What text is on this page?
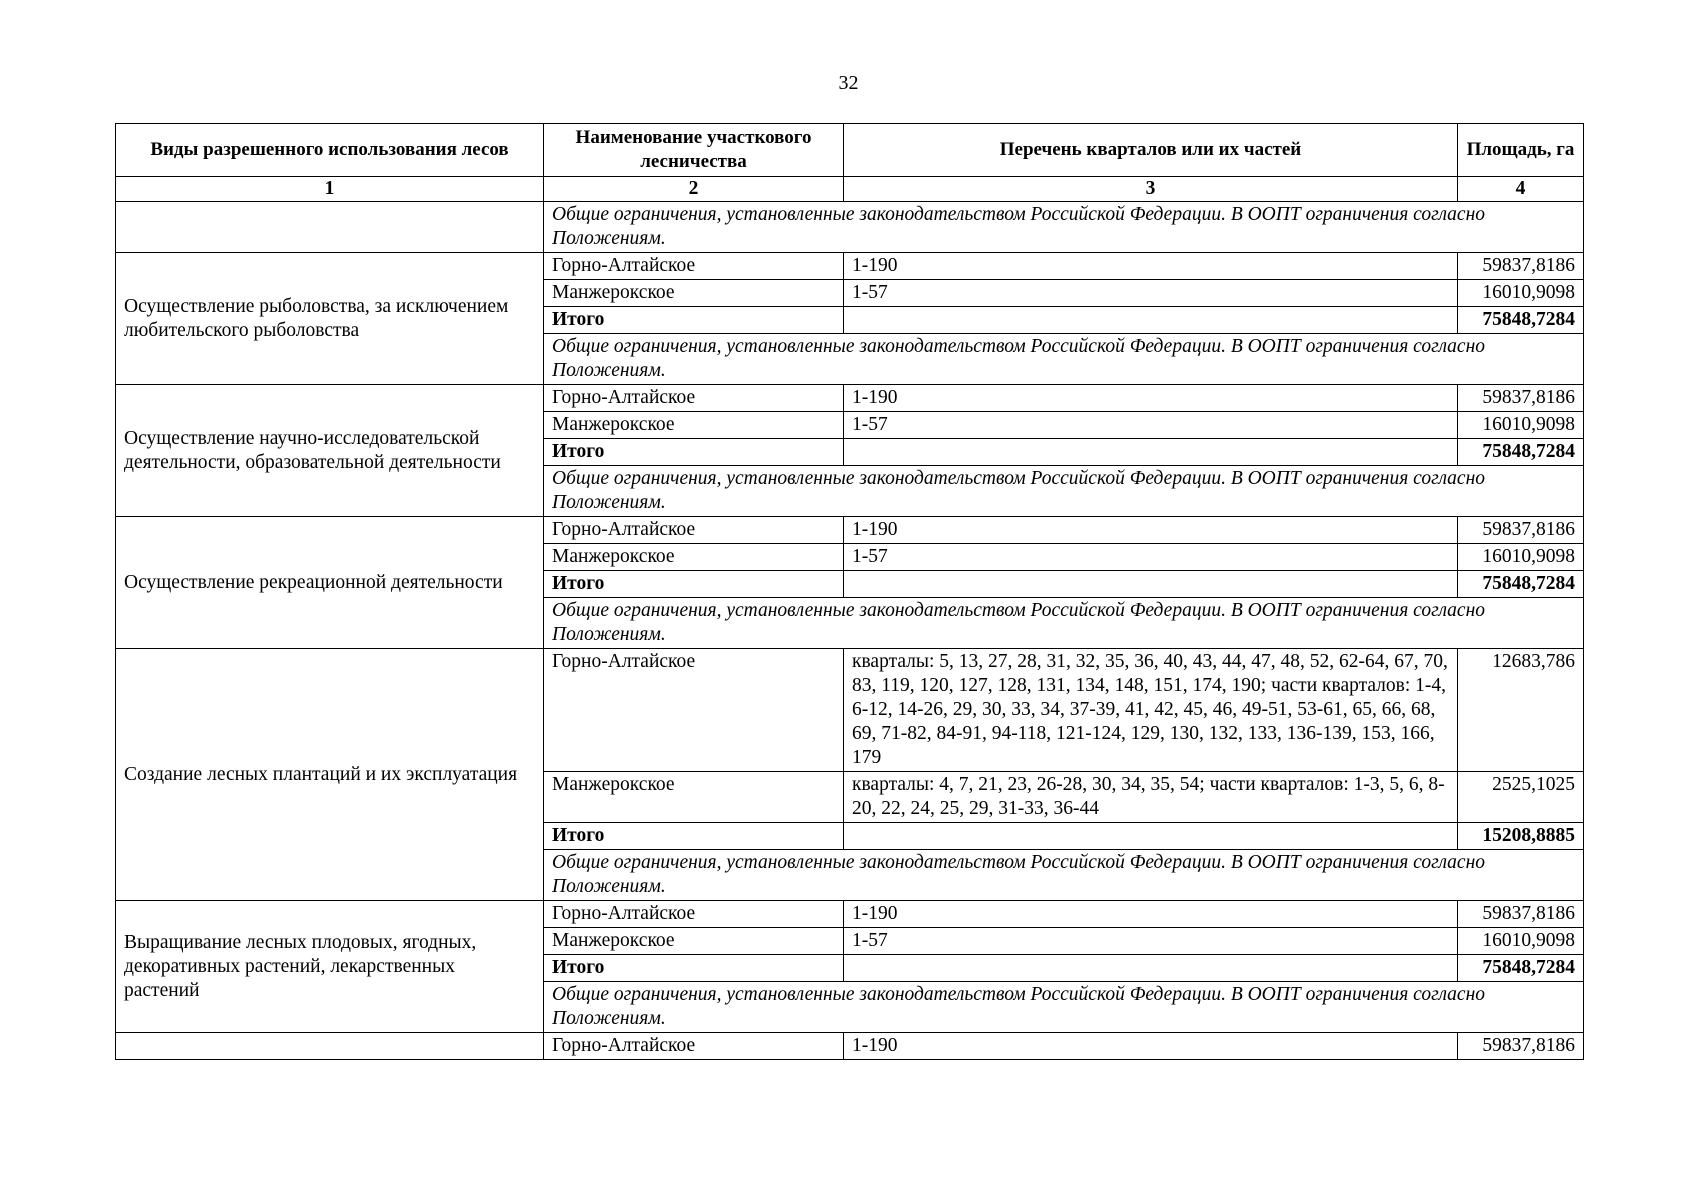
32
Виды разрешенного использования лесов	Наименование участкового лесничества	Перечень кварталов или их частей	Площадь, га
1	2	3	4
	Общие ограничения, установленные законодательством Российской Федерации. В ООПТ ограничения согласно Положениям.		
Осуществление рыболовства, за исключением любительского рыболовства	Горно-Алтайское	1-190	59837,8186
	Манжерокское	1-57	16010,9098
	Итого		75848,7284
	Общие ограничения, установленные законодательством Российской Федерации. В ООПТ ограничения согласно Положениям.		
Осуществление научно-исследовательской деятельности, образовательной деятельности	Горно-Алтайское	1-190	59837,8186
	Манжерокское	1-57	16010,9098
	Итого		75848,7284
	Общие ограничения, установленные законодательством Российской Федерации. В ООПТ ограничения согласно Положениям.		
Осуществление рекреационной деятельности	Горно-Алтайское	1-190	59837,8186
	Манжерокское	1-57	16010,9098
	Итого		75848,7284
	Общие ограничения, установленные законодательством Российской Федерации. В ООПТ ограничения согласно Положениям.		
Создание лесных плантаций и их эксплуатация	Горно-Алтайское	кварталы: 5, 13, 27, 28, 31, 32, 35, 36, 40, 43, 44, 47, 48, 52, 62-64, 67, 70, 83, 119, 120, 127, 128, 131, 134, 148, 151, 174, 190; части кварталов: 1-4, 6-12, 14-26, 29, 30, 33, 34, 37-39, 41, 42, 45, 46, 49-51, 53-61, 65, 66, 68, 69, 71-82, 84-91, 94-118, 121-124, 129, 130, 132, 133, 136-139, 153, 166, 179	12683,786
	Манжерокское	кварталы: 4, 7, 21, 23, 26-28, 30, 34, 35, 54; части кварталов: 1-3, 5, 6, 8-20, 22, 24, 25, 29, 31-33, 36-44	2525,1025
	Итого		15208,8885
	Общие ограничения, установленные законодательством Российской Федерации. В ООПТ ограничения согласно Положениям.		
Выращивание лесных плодовых, ягодных, декоративных растений, лекарственных растений	Горно-Алтайское	1-190	59837,8186
	Манжерокское	1-57	16010,9098
	Итого		75848,7284
	Общие ограничения, установленные законодательством Российской Федерации. В ООПТ ограничения согласно Положениям.		
	Горно-Алтайское	1-190	59837,8186
